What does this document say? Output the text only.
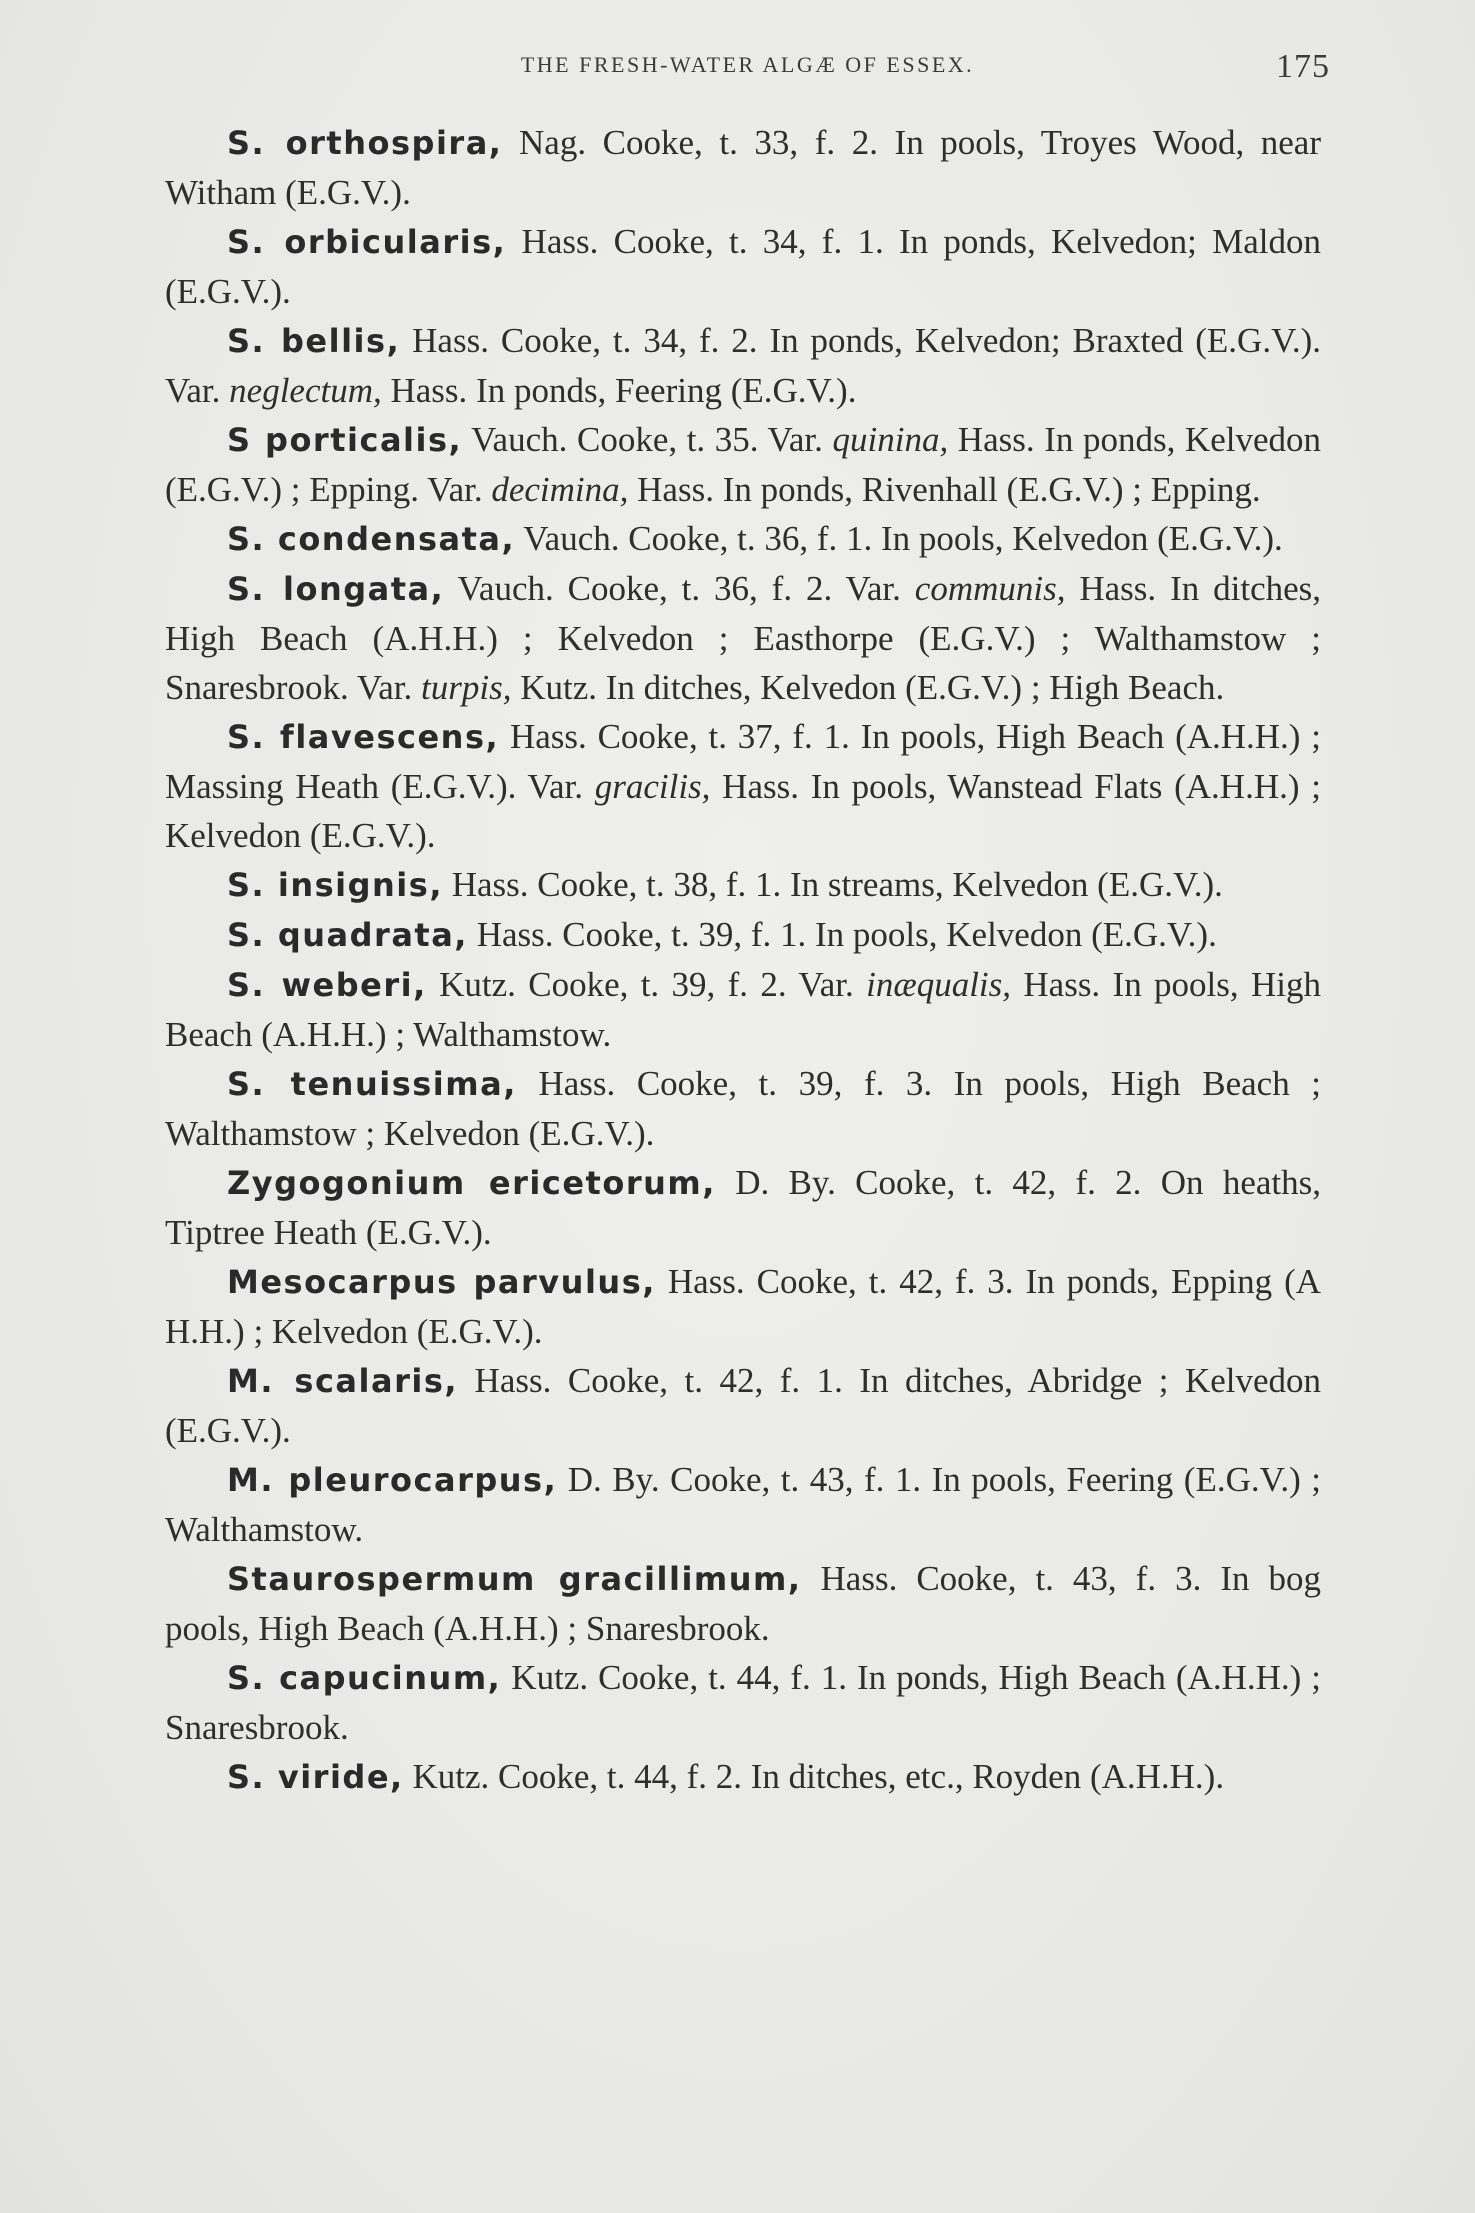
THE FRESH-WATER ALGÆ OF ESSEX.	175

S. orthospira, Nag. Cooke, t. 33, f. 2. In pools, Troyes Wood, near Witham (E.G.V.).

S. orbicularis, Hass. Cooke, t. 34, f. 1. In ponds, Kelvedon; Maldon (E.G.V.).

S. bellis, Hass. Cooke, t. 34, f. 2. In ponds, Kelvedon; Braxted (E.G.V.). Var. neglectum, Hass. In ponds, Feering (E.G.V.).

S porticalis, Vauch. Cooke, t. 35. Var. quinina, Hass. In ponds, Kelvedon (E.G.V.) ; Epping. Var. decimina, Hass. In ponds, Rivenhall (E.G.V.) ; Epping.

S. condensata, Vauch. Cooke, t. 36, f. 1. In pools, Kelvedon (E.G.V.).

S. longata, Vauch. Cooke, t. 36, f. 2. Var. communis, Hass. In ditches, High Beach (A.H.H.) ; Kelvedon ; Easthorpe (E.G.V.) ; Walthamstow ; Snaresbrook. Var. turpis, Kutz. In ditches, Kelvedon (E.G.V.) ; High Beach.

S. flavescens, Hass. Cooke, t. 37, f. 1. In pools, High Beach (A.H.H.) ; Massing Heath (E.G.V.). Var. gracilis, Hass. In pools, Wanstead Flats (A.H.H.) ; Kelvedon (E.G.V.).

S. insignis, Hass. Cooke, t. 38, f. 1. In streams, Kelvedon (E.G.V.).

S. quadrata, Hass. Cooke, t. 39, f. 1. In pools, Kelvedon (E.G.V.).

S. weberi, Kutz. Cooke, t. 39, f. 2. Var. inæqualis, Hass. In pools, High Beach (A.H.H.) ; Walthamstow.

S. tenuissima, Hass. Cooke, t. 39, f. 3. In pools, High Beach ; Walthamstow ; Kelvedon (E.G.V.).

Zygogonium ericetorum, D. By. Cooke, t. 42, f. 2. On heaths, Tiptree Heath (E.G.V.).

Mesocarpus parvulus, Hass. Cooke, t. 42, f. 3. In ponds, Epping (A H.H.) ; Kelvedon (E.G.V.).

M. scalaris, Hass. Cooke, t. 42, f. 1. In ditches, Abridge ; Kelvedon (E.G.V.).

M. pleurocarpus, D. By. Cooke, t. 43, f. 1. In pools, Feering (E.G.V.) ; Walthamstow.

Staurospermum gracillimum, Hass. Cooke, t. 43, f. 3. In bog pools, High Beach (A.H.H.) ; Snaresbrook.

S. capucinum, Kutz. Cooke, t. 44, f. 1. In ponds, High Beach (A.H.H.) ; Snaresbrook.

S. viride, Kutz. Cooke, t. 44, f. 2. In ditches, etc., Royden (A.H.H.).
